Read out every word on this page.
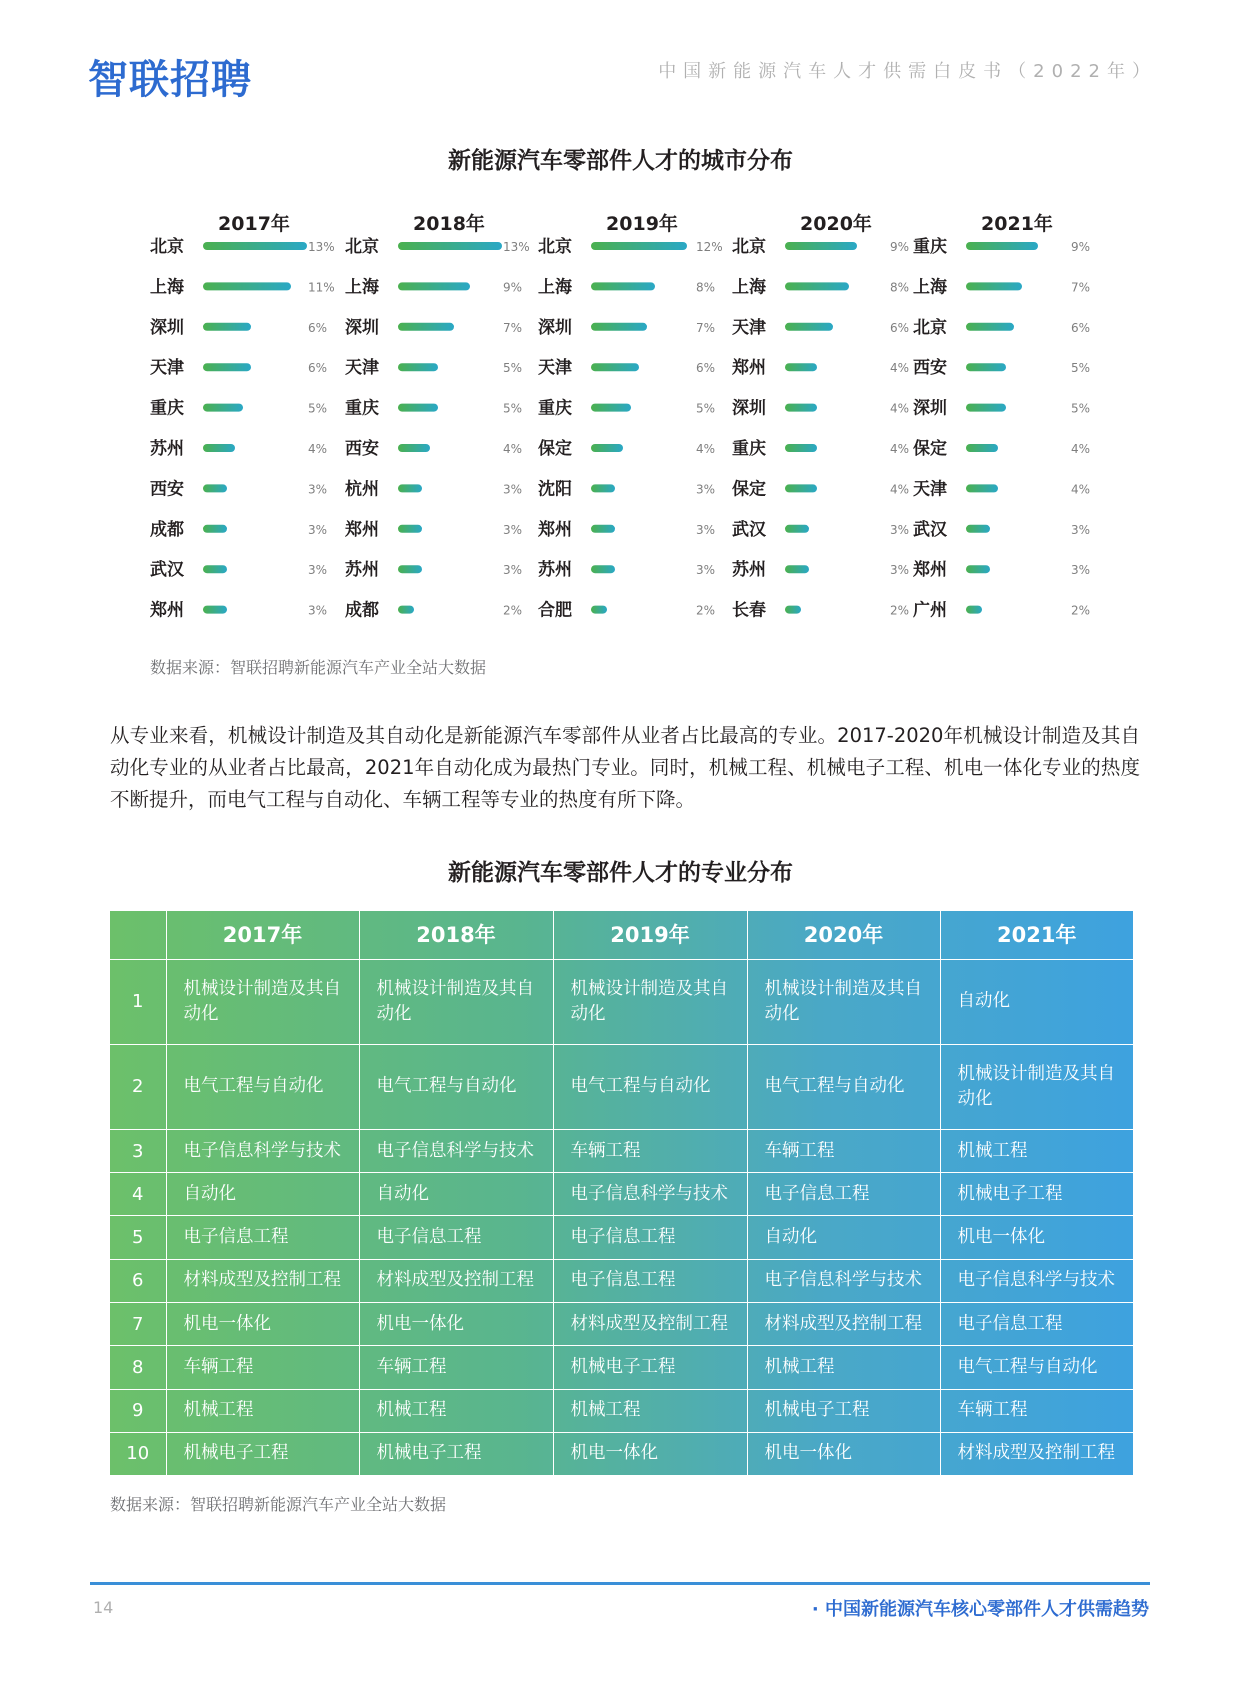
智联招聘	中国新能源汽车人才供需白皮书（2022年）
新能源汽车零部件人才的城市分布
2017年
北京	13%
上海	11%
深圳	6%
天津	6%
重庆	5%
苏州	4%
西安	3%
成都	3%
武汉	3%
郑州	3%
2018年
北京	13%
上海	9%
深圳	7%
天津	5%
重庆	5%
西安	4%
杭州	3%
郑州	3%
苏州	3%
成都	2%
2019年
北京	12%
上海	8%
深圳	7%
天津	6%
重庆	5%
保定	4%
沈阳	3%
郑州	3%
苏州	3%
合肥	2%
2020年
北京	9%
上海	8%
天津	6%
郑州	4%
深圳	4%
重庆	4%
保定	4%
武汉	3%
苏州	3%
长春	2%
2021年
重庆	9%
上海	7%
北京	6%
西安	5%
深圳	5%
保定	4%
天津	4%
武汉	3%
郑州	3%
广州	2%
数据来源：智联招聘新能源汽车产业全站大数据
从专业来看，机械设计制造及其自动化是新能源汽车零部件从业者占比最高的专业。2017-2020年机械设计制造及其自动化专业的从业者占比最高，2021年自动化成为最热门专业。同时，机械工程、机械电子工程、机电一体化专业的热度不断提升，而电气工程与自动化、车辆工程等专业的热度有所下降。
新能源汽车零部件人才的专业分布
	2017年	2018年	2019年	2020年	2021年
1	机械设计制造及其自动化	机械设计制造及其自动化	机械设计制造及其自动化	机械设计制造及其自动化	自动化
2	电气工程与自动化	电气工程与自动化	电气工程与自动化	电气工程与自动化	机械设计制造及其自动化
3	电子信息科学与技术	电子信息科学与技术	车辆工程	车辆工程	机械工程
4	自动化	自动化	电子信息科学与技术	电子信息工程	机械电子工程
5	电子信息工程	电子信息工程	电子信息工程	自动化	机电一体化
6	材料成型及控制工程	材料成型及控制工程	电子信息工程	电子信息科学与技术	电子信息科学与技术
7	机电一体化	机电一体化	材料成型及控制工程	材料成型及控制工程	电子信息工程
8	车辆工程	车辆工程	机械电子工程	机械工程	电气工程与自动化
9	机械工程	机械工程	机械工程	机械电子工程	车辆工程
10	机械电子工程	机械电子工程	机电一体化	机电一体化	材料成型及控制工程
数据来源：智联招聘新能源汽车产业全站大数据
14	· 中国新能源汽车核心零部件人才供需趋势
